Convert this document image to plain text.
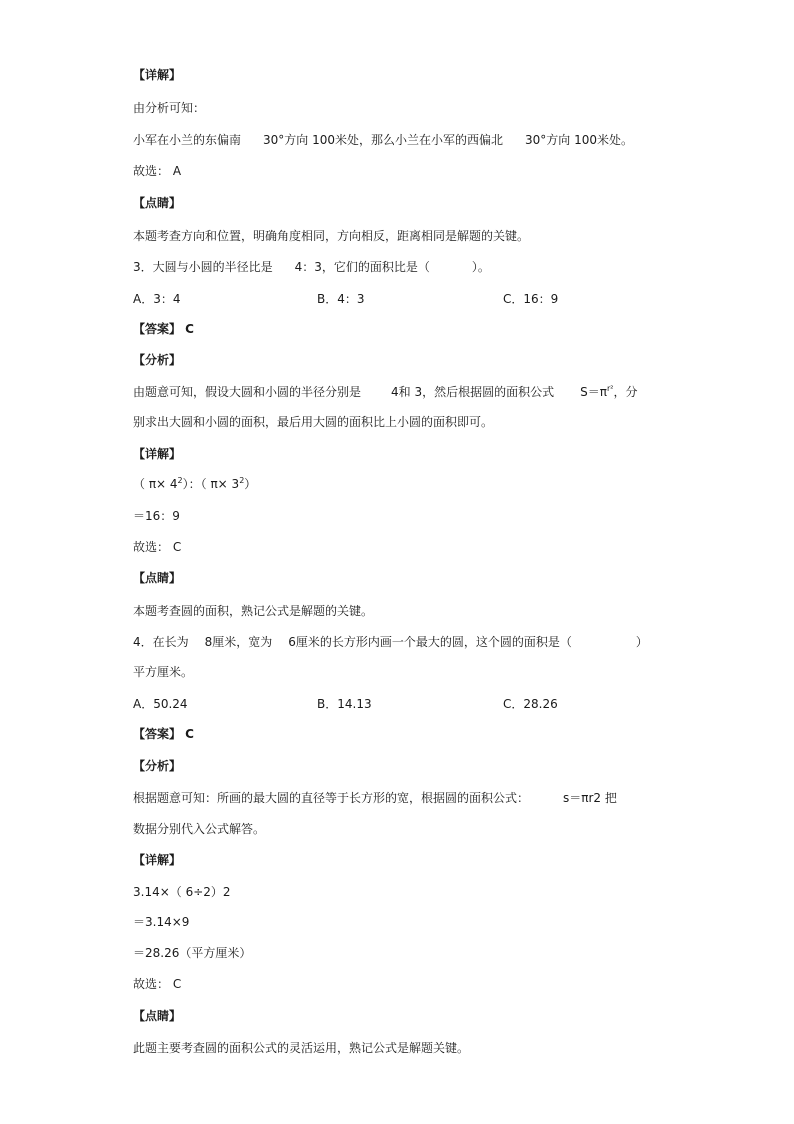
【详解】
由分析可知：
小军在小兰的东偏南 30°方向 100米处，那么小兰在小军的西偏北 30°方向 100米处。
故选： A
【点睛】
本题考查方向和位置，明确角度相同，方向相反，距离相同是解题的关键。
3．大圆与小圆的半径比是 4：3，它们的面积比是（	）。
A．3：4	B．4：3	C．16：9
【答案】 C
【分析】
由题意可知，假设大圆和小圆的半径分别是	4和 3，然后根据圆的面积公式 $S=\pi^{r^2}$，分
别求出大圆和小圆的面积，最后用大圆的面积比上小圆的面积即可。
【详解】
（ $\pi\times 4^2$）：（ $\pi\times 3^2$）
＝16：9
故选： C
【点睛】
本题考查圆的面积，熟记公式是解题的关键。
4．在长为 8厘米，宽为 6厘米的长方形内画一个最大的圆，这个圆的面积是（	）
平方厘米。
A．50.24	B．14.13	C．28.26
【答案】 C
【分析】
根据题意可知：所画的最大圆的直径等于长方形的宽，根据圆的面积公式：	s＝πr2 把
数据分别代入公式解答。
【详解】
3.14×（ 6÷2）2
＝3.14×9
＝28.26（平方厘米）
故选： C
【点睛】
此题主要考查圆的面积公式的灵活运用，熟记公式是解题关键。
